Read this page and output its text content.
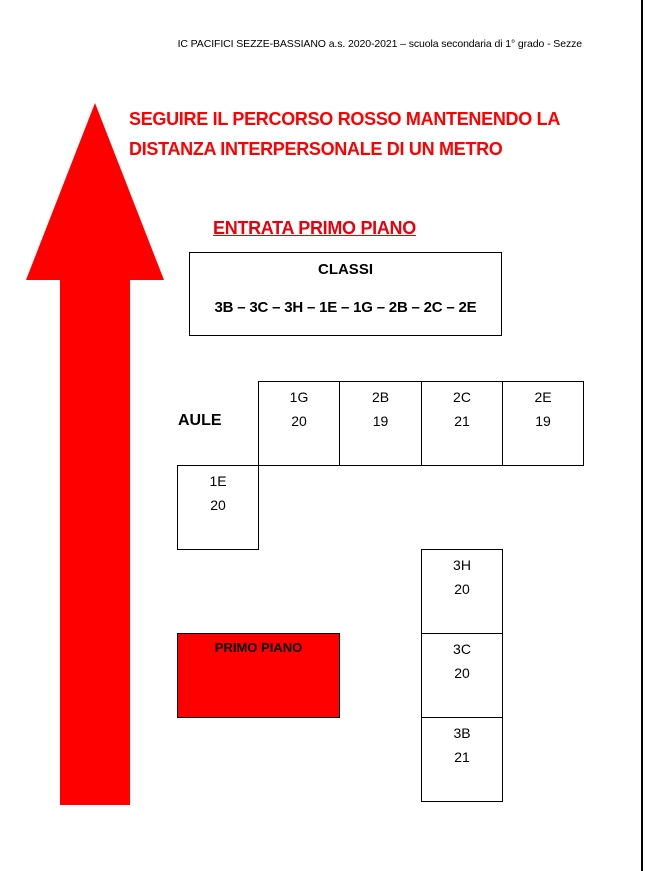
IC PACIFICI SEZZE-BASSIANO a.s. 2020-2021 – scuola secondaria di 1° grado - Sezze
SEGUIRE IL PERCORSO ROSSO MANTENENDO LA
DISTANZA INTERPERSONALE DI UN METRO
ENTRATA PRIMO PIANO
CLASSI
3B – 3C – 3H – 1E – 1G – 2B – 2C – 2E
AULE
1G
20
2B
19
2C
21
2E
19
1E
20
3H
20
3C
20
3B
21
PRIMO PIANO
